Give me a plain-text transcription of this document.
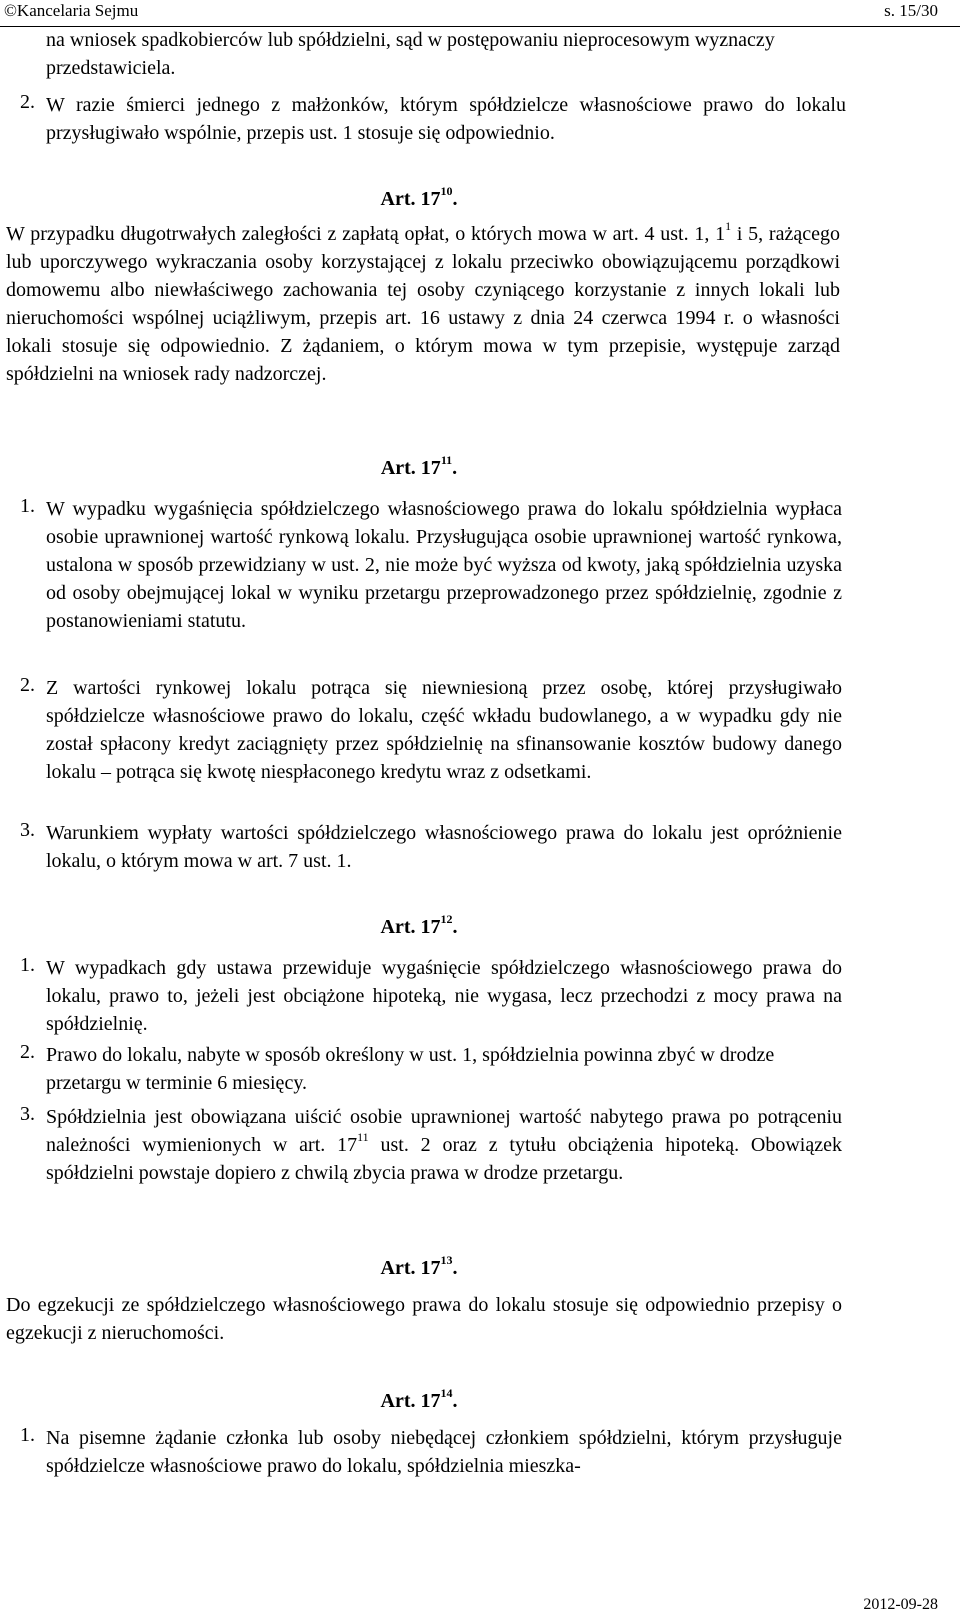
©Kancelaria Sejmu	s. 15/30

na wniosek spadkobierców lub spółdzielni, sąd w postępowaniu nieprocesowym wyznaczy przedstawiciela.

2. W razie śmierci jednego z małżonków, którym spółdzielcze własnościowe prawo do lokalu przysługiwało wspólnie, przepis ust. 1 stosuje się odpowiednio.

Art. $17^{10}$.

W przypadku długotrwałych zaległości z zapłatą opłat, o których mowa w art. 4 ust. 1, $1^1$ i 5, rażącego lub uporczywego wykraczania osoby korzystającej z lokalu przeciwko obowiązującemu porządkowi domowemu albo niewłaściwego zachowania tej osoby czyniącego korzystanie z innych lokali lub nieruchomości wspólnej uciążliwym, przepis art. 16 ustawy z dnia 24 czerwca 1994 r. o własności lokali stosuje się odpowiednio. Z żądaniem, o którym mowa w tym przepisie, występuje zarząd spółdzielni na wniosek rady nadzorczej.

Art. $17^{11}$.

1. W wypadku wygaśnięcia spółdzielczego własnościowego prawa do lokalu spółdzielnia wypłaca osobie uprawnionej wartość rynkową lokalu. Przysługująca osobie uprawnionej wartość rynkowa, ustalona w sposób przewidziany w ust. 2, nie może być wyższa od kwoty, jaką spółdzielnia uzyska od osoby obejmującej lokal w wyniku przetargu przeprowadzonego przez spółdzielnię, zgodnie z postanowieniami statutu.

2. Z wartości rynkowej lokalu potrąca się niewniesioną przez osobę, której przysługiwało spółdzielcze własnościowe prawo do lokalu, część wkładu budowlanego, a w wypadku gdy nie został spłacony kredyt zaciągnięty przez spółdzielnię na sfinansowanie kosztów budowy danego lokalu – potrąca się kwotę niespłaconego kredytu wraz z odsetkami.

3. Warunkiem wypłaty wartości spółdzielczego własnościowego prawa do lokalu jest opróżnienie lokalu, o którym mowa w art. 7 ust. 1.

Art. $17^{12}$.

1. W wypadkach gdy ustawa przewiduje wygaśnięcie spółdzielczego własnościowego prawa do lokalu, prawo to, jeżeli jest obciążone hipoteką, nie wygasa, lecz przechodzi z mocy prawa na spółdzielnię.

2. Prawo do lokalu, nabyte w sposób określony w ust. 1, spółdzielnia powinna zbyć w drodze przetargu w terminie 6 miesięcy.

3. Spółdzielnia jest obowiązana uiścić osobie uprawnionej wartość nabytego prawa po potrąceniu należności wymienionych w art. $17^{11}$ ust. 2 oraz z tytułu obciążenia hipoteką. Obowiązek spółdzielni powstaje dopiero z chwilą zbycia prawa w drodze przetargu.

Art. $17^{13}$.

Do egzekucji ze spółdzielczego własnościowego prawa do lokalu stosuje się odpowiednio przepisy o egzekucji z nieruchomości.

Art. $17^{14}$.

1. Na pisemne żądanie członka lub osoby niebędącej członkiem spółdzielni, którym przysługuje spółdzielcze własnościowe prawo do lokalu, spółdzielnia mieszka-

2012-09-28
